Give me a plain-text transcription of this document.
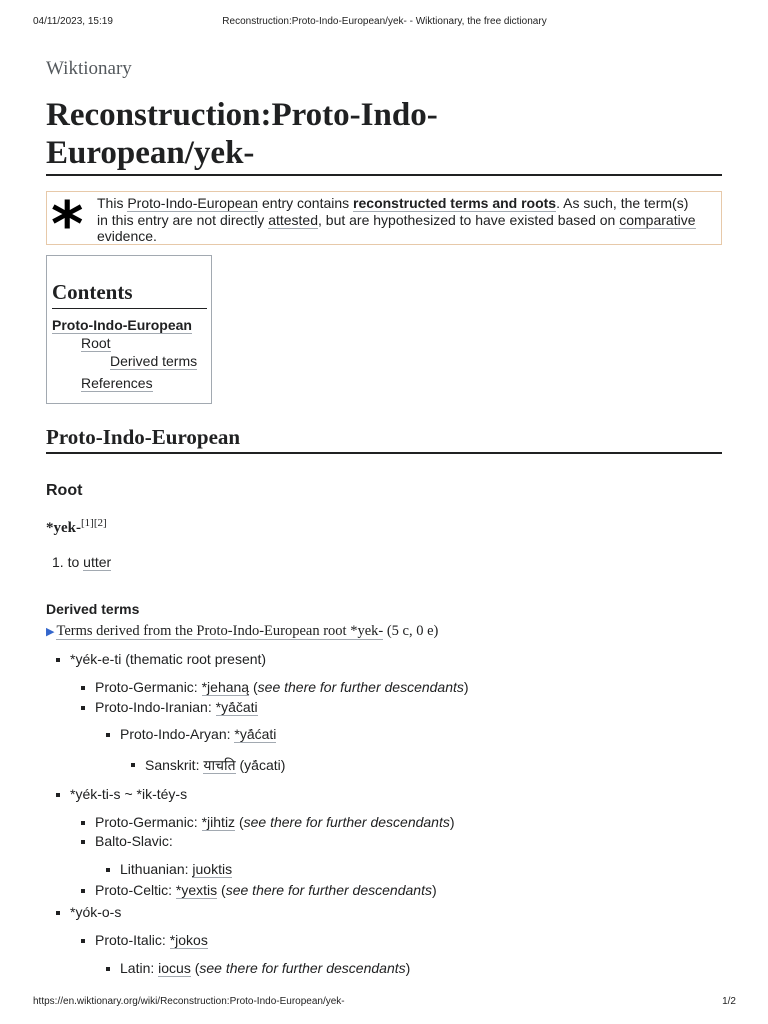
04/11/2023, 15:19	Reconstruction:Proto-Indo-European/yek- - Wiktionary, the free dictionary
Wiktionary
Reconstruction:Proto-Indo-
European/yek-
* This Proto-Indo-European entry contains reconstructed terms and roots. As such, the term(s) in this entry are not directly attested, but are hypothesized to have existed based on comparative evidence.
Contents
Proto-Indo-European
Root
Derived terms
References
Proto-Indo-European
Root
*yek-[1][2]
1. to utter
Derived terms
▶ Terms derived from the Proto-Indo-European root *yek- (5 c, 0 e)
*yék-e-ti (thematic root present)
Proto-Germanic: *jehaną (see there for further descendants)
Proto-Indo-Iranian: *yā́čati
Proto-Indo-Aryan: *yā́ćati
Sanskrit: याचति (yā́cati)
*yék-ti-s ~ *ik-téy-s
Proto-Germanic: *jihtiz (see there for further descendants)
Balto-Slavic:
Lithuanian: juoktis
Proto-Celtic: *yextis (see there for further descendants)
*yók-o-s
Proto-Italic: *jokos
Latin: iocus (see there for further descendants)
https://en.wiktionary.org/wiki/Reconstruction:Proto-Indo-European/yek-	1/2
